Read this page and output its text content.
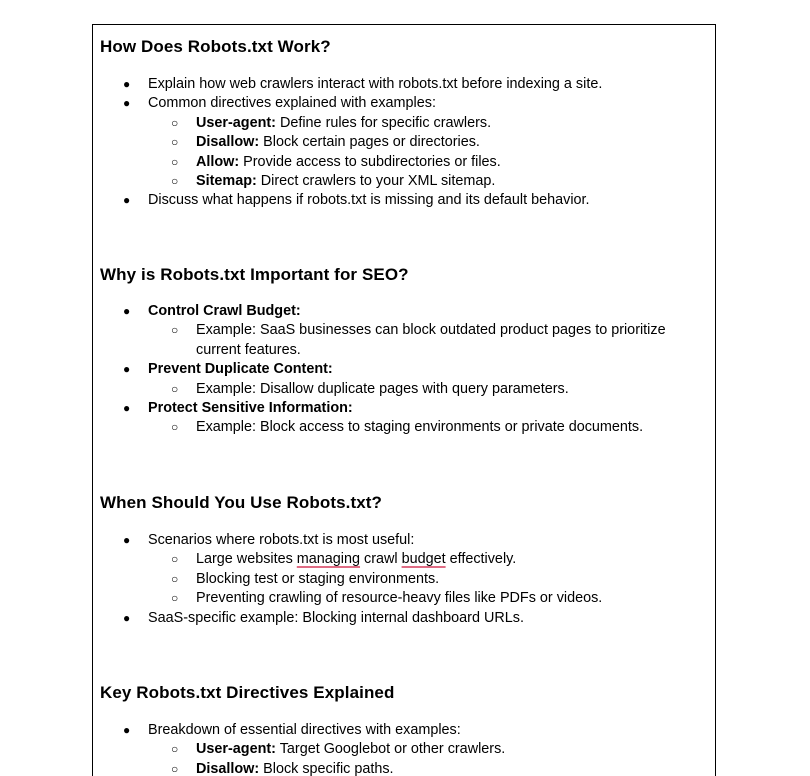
How Does Robots.txt Work?
● Explain how web crawlers interact with robots.txt before indexing a site.
● Common directives explained with examples:
○ User-agent: Define rules for specific crawlers.
○ Disallow: Block certain pages or directories.
○ Allow: Provide access to subdirectories or files.
○ Sitemap: Direct crawlers to your XML sitemap.
● Discuss what happens if robots.txt is missing and its default behavior.
Why is Robots.txt Important for SEO?
● Control Crawl Budget:
○ Example: SaaS businesses can block outdated product pages to prioritize current features.
● Prevent Duplicate Content:
○ Example: Disallow duplicate pages with query parameters.
● Protect Sensitive Information:
○ Example: Block access to staging environments or private documents.
When Should You Use Robots.txt?
● Scenarios where robots.txt is most useful:
○ Large websites managing crawl budget effectively.
○ Blocking test or staging environments.
○ Preventing crawling of resource-heavy files like PDFs or videos.
● SaaS-specific example: Blocking internal dashboard URLs.
Key Robots.txt Directives Explained
● Breakdown of essential directives with examples:
○ User-agent: Target Googlebot or other crawlers.
○ Disallow: Block specific paths.
